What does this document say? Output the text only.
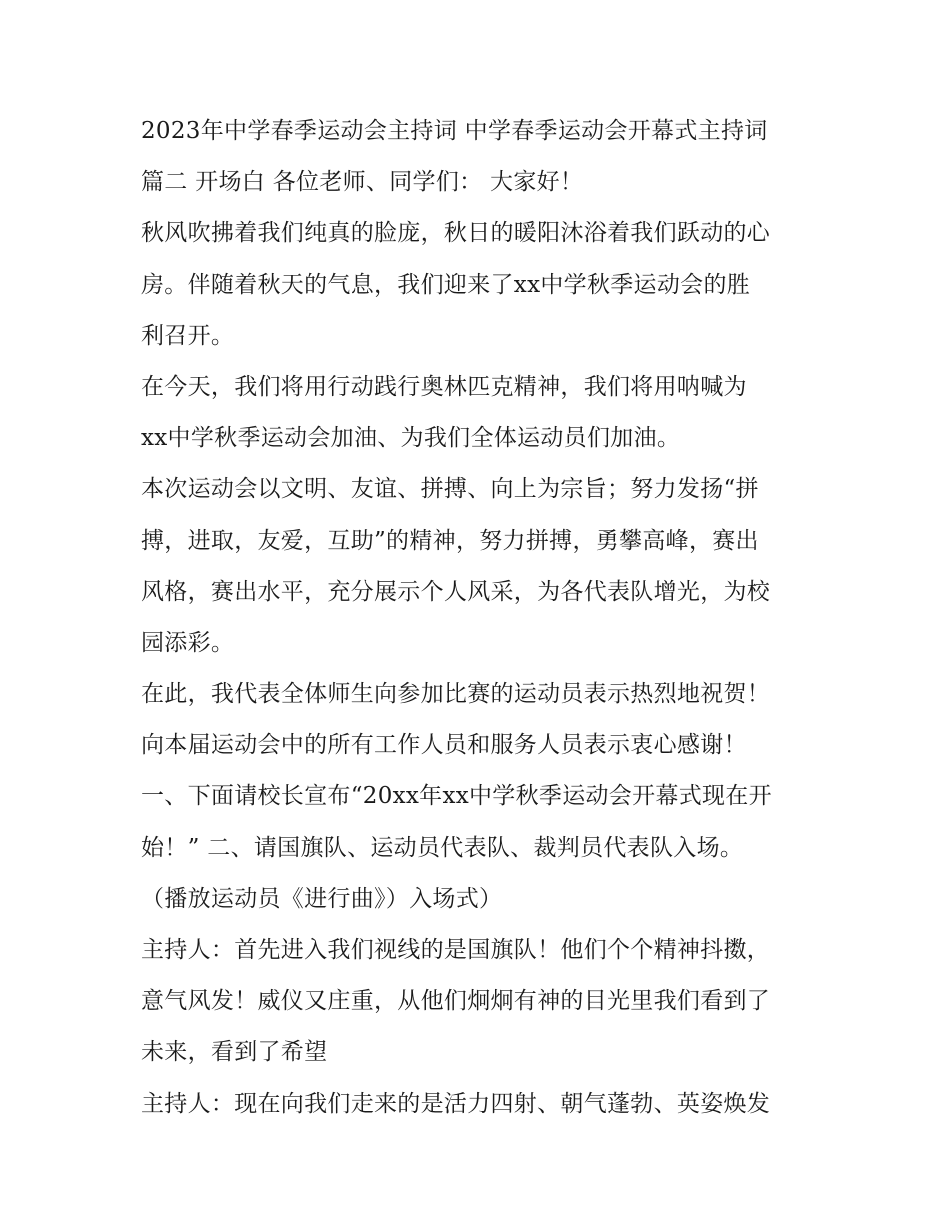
2023年中学春季运动会主持词 中学春季运动会开幕式主持词
篇二 开场白 各位老师、同学们： 大家好！
秋风吹拂着我们纯真的脸庞，秋日的暖阳沐浴着我们跃动的心
房。伴随着秋天的气息，我们迎来了xx中学秋季运动会的胜
利召开。
在今天，我们将用行动践行奥林匹克精神，我们将用呐喊为
xx中学秋季运动会加油、为我们全体运动员们加油。
本次运动会以文明、友谊、拼搏、向上为宗旨；努力发扬“拼
搏，进取，友爱，互助”的精神，努力拼搏，勇攀高峰，赛出
风格，赛出水平，充分展示个人风采，为各代表队增光，为校
园添彩。
在此，我代表全体师生向参加比赛的运动员表示热烈地祝贺！
向本届运动会中的所有工作人员和服务人员表示衷心感谢！
一、下面请校长宣布“20xx年xx中学秋季运动会开幕式现在开
始！” 二、请国旗队、运动员代表队、裁判员代表队入场。
（播放运动员《进行曲》）入场式）
主持人：首先进入我们视线的是国旗队！他们个个精神抖擞，
意气风发！威仪又庄重，从他们炯炯有神的目光里我们看到了
未来，看到了希望
主持人：现在向我们走来的是活力四射、朝气蓬勃、英姿焕发
